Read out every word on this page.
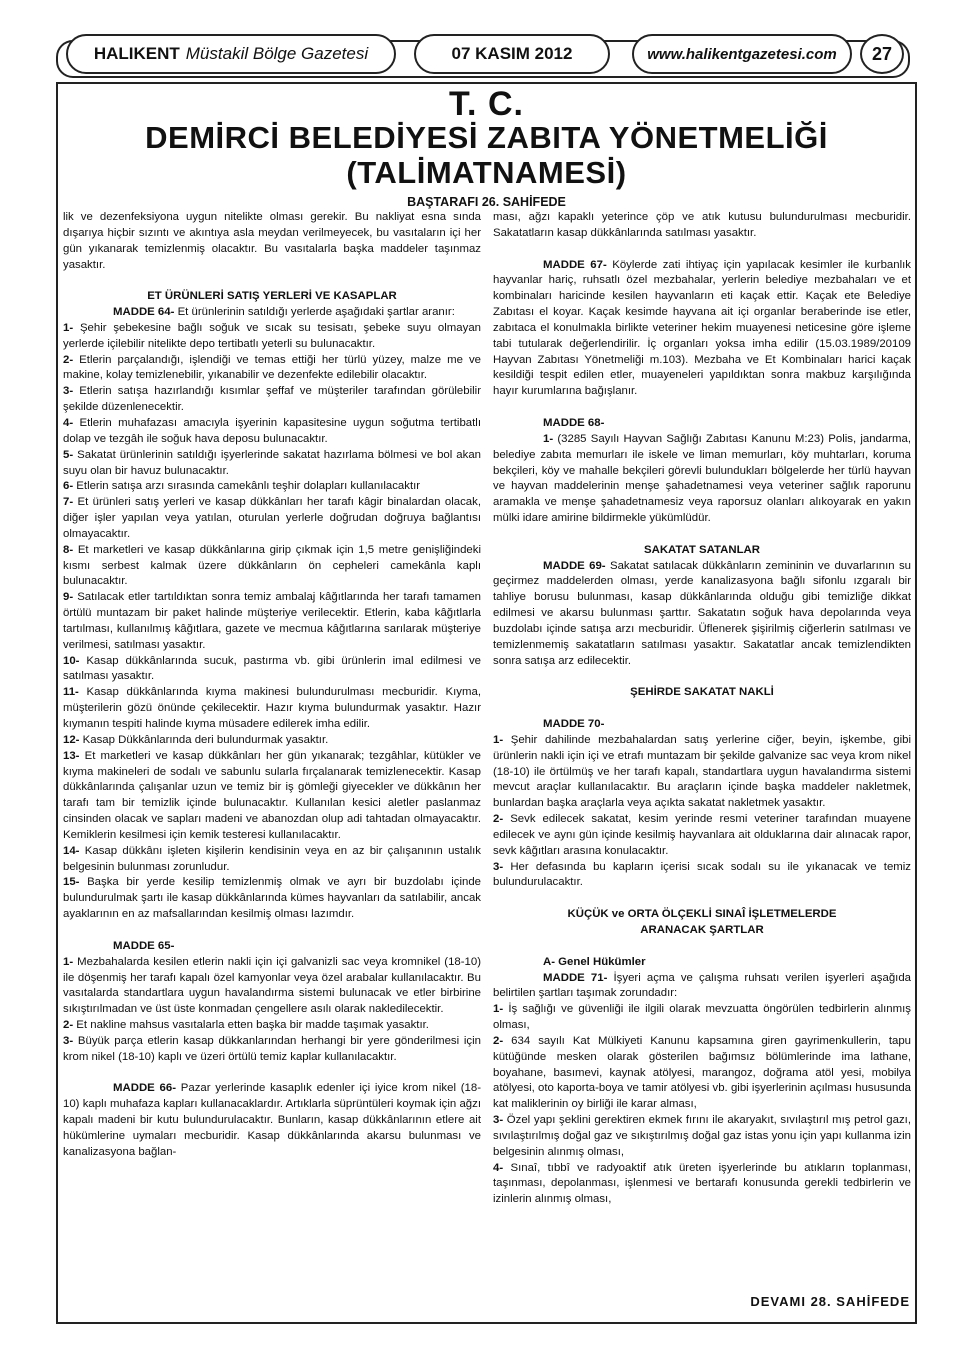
HALIKENT Müstakil Bölge Gazetesi	07 KASIM 2012	www.halikentgazetesi.com	27
T. C.
DEMİRCİ BELEDİYESİ ZABITA YÖNETMELİĞİ
(TALİMATNAMESİ)
BAŞTARAFI 26. SAHİFEDE

lik ve dezenfeksiyona uygun nitelikte olması gerekir. Bu nakliyat esna sında dışarıya hiçbir sızıntı ve akıntıya asla meydan verilmeyecek, bu vasıtaların içi her gün yıkanarak temizlenmiş olacaktır. Bu vasıtalarla başka maddeler taşınmaz yasaktır.

ET ÜRÜNLERİ SATIŞ YERLERİ VE KASAPLAR

MADDE 64- Et ürünlerinin satıldığı yerlerde aşağıdaki şartlar aranır:

1- Şehir şebekesine bağlı soğuk ve sıcak su tesisatı, şebeke suyu olmayan yerlerde içilebilir nitelikte depo tertibatlı yeterli su bulunacaktır.

2- Etlerin parçalandığı, işlendiği ve temas ettiği her türlü yüzey, malze me ve makine, kolay temizlenebilir, yıkanabilir ve dezenfekte edilebilir olacaktır.

3- Etlerin satışa hazırlandığı kısımlar şeffaf ve müşteriler tarafından görülebilir şekilde düzenlenecektir.

4- Etlerin muhafazası amacıyla işyerinin kapasitesine uygun soğutma tertibatlı dolap ve tezgâh ile soğuk hava deposu bulunacaktır.

5- Sakatat ürünlerinin satıldığı işyerlerinde sakatat hazırlama bölmesi ve bol akan suyu olan bir havuz bulunacaktır.

6- Etlerin satışa arzı sırasında camekânlı teşhir dolapları kullanılacaktır

7- Et ürünleri satış yerleri ve kasap dükkânları her tarafı kâgir binalardan olacak, diğer işler yapılan veya yatılan, oturulan yerlerle doğrudan doğruya bağlantısı olmayacaktır.

8- Et marketleri ve kasap dükkânlarına girip çıkmak için 1,5 metre genişliğindeki kısmı serbest kalmak üzere dükkânların ön cepheleri camekânla kaplı bulunacaktır.

9- Satılacak etler tartıldıktan sonra temiz ambalaj kâğıtlarında her tarafı tamamen örtülü muntazam bir paket halinde müşteriye verilecektir. Etlerin, kaba kâğıtlarla tartılması, kullanılmış kâğıtlara, gazete ve mecmua kâğıtlarına sarılarak müşteriye verilmesi, satılması yasaktır.

10- Kasap dükkânlarında sucuk, pastırma vb. gibi ürünlerin imal edilmesi ve satılması yasaktır.

11- Kasap dükkânlarında kıyma makinesi bulundurulması mecburidir. Kıyma, müşterilerin gözü önünde çekilecektir. Hazır kıyma bulundurmak yasaktır. Hazır kıymanın tespiti halinde kıyma müsadere edilerek imha edilir.

12- Kasap Dükkânlarında deri bulundurmak yasaktır.

13- Et marketleri ve kasap dükkânları her gün yıkanarak; tezgâhlar, kütükler ve kıyma makineleri de sodalı ve sabunlu sularla fırçalanarak temizlenecektir. Kasap dükkânlarında çalışanlar uzun ve temiz bir iş gömleği giyecekler ve dükkânın her tarafı tam bir temizlik içinde bulunacaktır. Kullanılan kesici aletler paslanmaz cinsinden olacak ve sapları madeni ve abanozdan olup adi tahtadan olmayacaktır. Kemiklerin kesilmesi için kemik testeresi kullanılacaktır.

14- Kasap dükkânı işleten kişilerin kendisinin veya en az bir çalışanının ustalık belgesinin bulunması zorunludur.

15- Başka bir yerde kesilip temizlenmiş olmak ve ayrı bir buzdolabı içinde bulundurulmak şartı ile kasap dükkânlarında kümes hayvanları da satılabilir, ancak ayaklarının en az mafsallarından kesilmiş olması lazımdır.

MADDE 65-

1- Mezbahalarda kesilen etlerin nakli için içi galvanizli sac veya kromnikel (18-10) ile döşenmiş her tarafı kapalı özel kamyonlar veya özel arabalar kullanılacaktır. Bu vasıtalarda standartlara uygun havalandırma sistemi bulunacak ve etler birbirine sıkıştırılmadan ve üst üste konmadan çengellere asılı olarak nakledilecektir.

2- Et nakline mahsus vasıtalarla etten başka bir madde taşımak yasaktır.

3- Büyük parça etlerin kasap dükkanlarından herhangi bir yere gönderilmesi için krom nikel (18-10) kaplı ve üzeri örtülü temiz kaplar kullanılacaktır.

MADDE 66- Pazar yerlerinde kasaplık edenler içi iyice krom nikel (18-10) kaplı muhafaza kapları kullanacaklardır. Artıklarla süprüntüleri koymak için ağzı kapalı madeni bir kutu bulundurulacaktır. Bunların, kasap dükkânlarının etlere ait hükümlerine uymaları mecburidir. Kasap dükkânlarında akarsu bulunması ve kanalizasyona bağlan-

ması, ağzı kapaklı yeterince çöp ve atık kutusu bulundurulması mecburidir. Sakatatların kasap dükkânlarında satılması yasaktır.

MADDE 67- Köylerde zati ihtiyaç için yapılacak kesimler ile kurbanlık hayvanlar hariç, ruhsatlı özel mezbahalar, yerlerin belediye mezbahaları ve et kombinaları haricinde kesilen hayvanların eti kaçak ettir. Kaçak ete Belediye Zabıtası el koyar. Kaçak kesimde hayvana ait içi organlar beraberinde ise etler, zabıtaca el konulmakla birlikte veteriner hekim muayenesi neticesine göre işleme tabi tutularak değerlendirilir. İç organları yoksa imha edilir (15.03.1989/20109 Hayvan Zabıtası Yönetmeliği m.103). Mezbaha ve Et Kombinaları harici kaçak kesildiği tespit edilen etler, muayeneleri yapıldıktan sonra makbuz karşılığında hayır kurumlarına bağışlanır.

MADDE 68-

1- (3285 Sayılı Hayvan Sağlığı Zabıtası Kanunu M:23) Polis, jandarma, belediye zabıta memurları ile iskele ve liman memurları, köy muhtarları, koruma bekçileri, köy ve mahalle bekçileri görevli bulundukları bölgelerde her türlü hayvan ve hayvan maddelerinin menşe şahadetnamesi veya veteriner sağlık raporunu aramakla ve menşe şahadetnamesiz veya raporsuz olanları alıkoyarak en yakın mülki idare amirine bildirmekle yükümlüdür.

SAKATAT SATANLAR

MADDE 69- Sakatat satılacak dükkânların zemininin ve duvarlarının su geçirmez maddelerden olması, yerde kanalizasyona bağlı sifonlu ızgaralı bir tahliye borusu bulunması, kasap dükkânlarında olduğu gibi temizliğe dikkat edilmesi ve akarsu bulunması şarttır. Sakatatın soğuk hava depolarında veya buzdolabı içinde satışa arzı mecburidir. Üflenerek şişirilmiş ciğerlerin satılması ve temizlenmemiş sakatatların satılması yasaktır. Sakatatlar ancak temizlendikten sonra satışa arz edilecektir.

ŞEHİRDE SAKATAT NAKLİ

MADDE 70-

1- Şehir dahilinde mezbahalardan satış yerlerine ciğer, beyin, işkembe, gibi ürünlerin nakli için içi ve etrafı muntazam bir şekilde galvanize sac veya krom nikel (18-10) ile örtülmüş ve her tarafı kapalı, standartlara uygun havalandırma sistemi mevcut araçlar kullanılacaktır. Bu araçların içinde başka maddeler nakletmek, bunlardan başka araçlarla veya açıkta sakatat nakletmek yasaktır.

2- Sevk edilecek sakatat, kesim yerinde resmi veteriner tarafından muayene edilecek ve aynı gün içinde kesilmiş hayvanlara ait olduklarına dair alınacak rapor, sevk kâğıtları arasına konulacaktır.

3- Her defasında bu kapların içerisi sıcak sodalı su ile yıkanacak ve temiz bulundurulacaktır.

KÜÇÜK ve ORTA ÖLÇEKLİ SINAÎ İŞLETMELERDE

ARANACAK ŞARTLAR

A- Genel Hükümler

MADDE 71- İşyeri açma ve çalışma ruhsatı verilen işyerleri aşağıda belirtilen şartları taşımak zorundadır:

1- İş sağlığı ve güvenliği ile ilgili olarak mevzuatta öngörülen tedbirlerin alınmış olması,

2- 634 sayılı Kat Mülkiyeti Kanunu kapsamına giren gayrimenkullerin, tapu kütüğünde mesken olarak gösterilen bağımsız bölümlerinde ima lathane, boyahane, basımevi, kaynak atölyesi, marangoz, doğrama atöl yesi, mobilya atölyesi, oto kaporta-boya ve tamir atölyesi vb. gibi işyerlerinin açılması hususunda kat maliklerinin oy birliği ile karar alması,

3- Özel yapı şeklini gerektiren ekmek fırını ile akaryakıt, sıvılaştırıl mış petrol gazı, sıvılaştırılmış doğal gaz ve sıkıştırılmış doğal gaz istas yonu için yapı kullanma izin belgesinin alınmış olması,

4- Sınaî, tıbbî ve radyoaktif atık üreten işyerlerinde bu atıkların toplanması, taşınması, depolanması, işlenmesi ve bertarafı konusunda gerekli tedbirlerin ve izinlerin alınmış olması,

DEVAMI 28. SAHİFEDE
